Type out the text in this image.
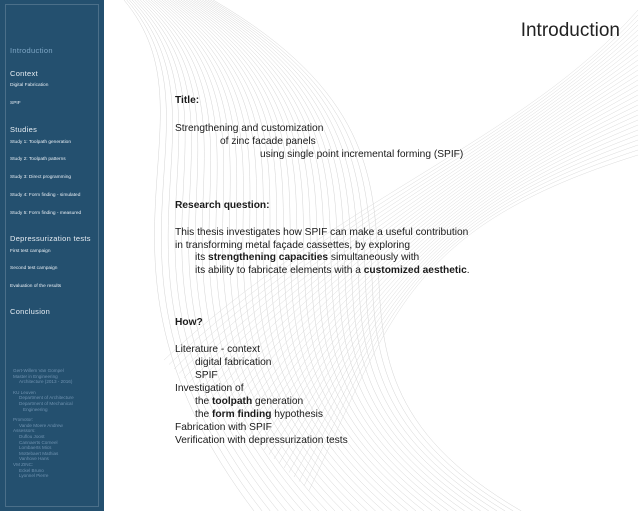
Introduction
Context
Digital Fabrication
SPIF
Studies
Study 1: Toolpath generation
Study 2: Toolpath patterns
Study 3: Direct programming
Study 4: Form finding - simulated
Study 5: Form finding - measured
Depressurization tests
First test campaign
Second test campaign
Evaluation of the results
Conclusion
Gert-Willem Van Gompel
Master in Engineering
Architecture (2013 - 2016)
KU Leuven
Department of Architecture
Department of Mechanical
Engineering
Promotor:
Vande Moere Andrew
Assessors:
Duflou Joost
Cannaerts Corneel
Lombaerts Mics
Mottebaert Mathias
Vanhove Hans
VM ZINC:
Eckel Bruno
Lyonnel Pierre
Introduction
Title:
Strengthening and customization
of zinc facade panels
using single point incremental forming (SPIF)
Research question:
This thesis investigates how SPIF can make a useful contribution
in transforming metal façade cassettes, by exploring
its strengthening capacities simultaneously with
its ability to fabricate elements with a customized aesthetic.
How?
Literature - context
digital fabrication
SPIF
Investigation of
the toolpath generation
the form finding hypothesis
Fabrication with SPIF
Verification with depressurization tests
